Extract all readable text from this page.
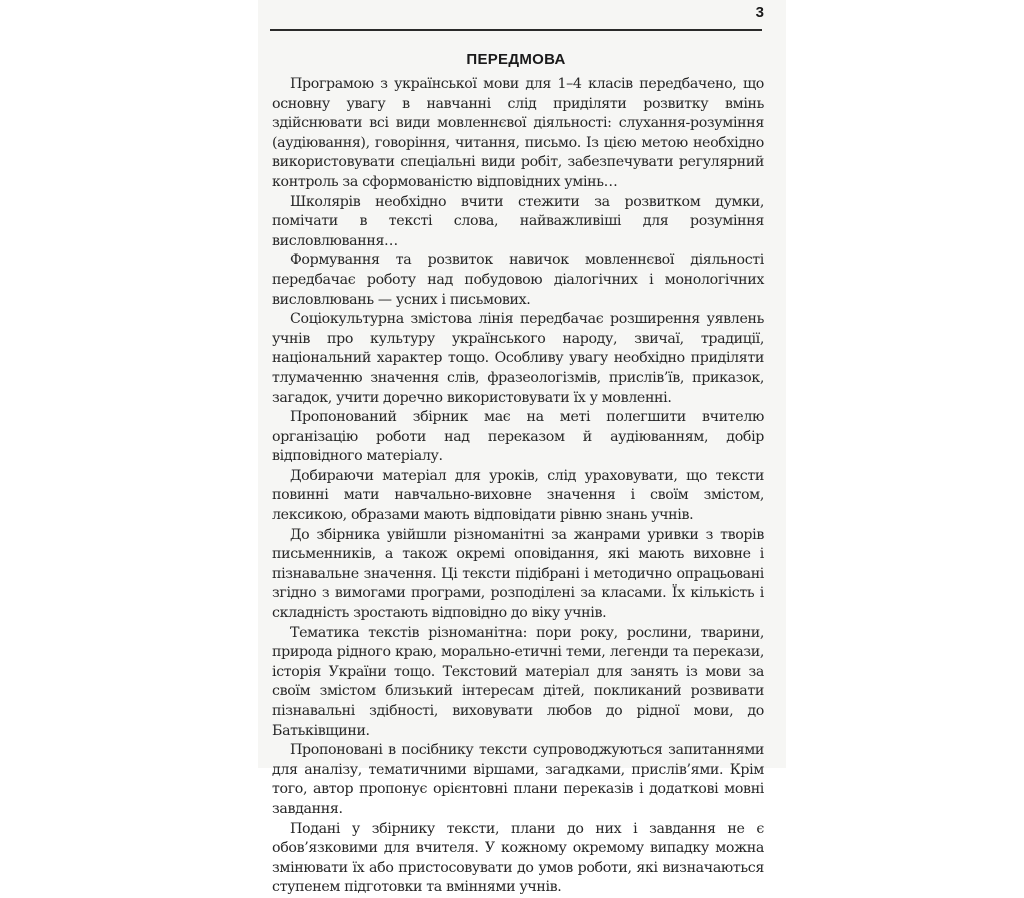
3
ПЕРЕДМОВА

Програмою з української мови для 1–4 класів передбачено, що основну увагу в навчанні слід приділяти розвитку вмінь здійснювати всі види мовленнєвої діяльності: слухання-розуміння (аудіювання), говоріння, читання, письмо. Із цією метою необхідно використовувати спеціальні види робіт, забезпечувати регулярний контроль за сформованістю відповідних умінь…

Школярів необхідно вчити стежити за розвитком думки, помічати в тексті слова, найважливіші для розуміння висловлювання…

Формування та розвиток навичок мовленнєвої діяльності передбачає роботу над побудовою діалогічних і монологічних висловлювань — усних і письмових.

Соціокультурна змістова лінія передбачає розширення уявлень учнів про культуру українського народу, звичаї, традиції, національний характер тощо. Особливу увагу необхідно приділяти тлумаченню значення слів, фразеологізмів, прислів’їв, приказок, загадок, учити доречно використовувати їх у мовленні.

Пропонований збірник має на меті полегшити вчителю організацію роботи над переказом й аудіюванням, добір відповідного матеріалу.

Добираючи матеріал для уроків, слід ураховувати, що тексти повинні мати навчально-виховне значення і своїм змістом, лексикою, образами мають відповідати рівню знань учнів.

До збірника увійшли різноманітні за жанрами уривки з творів письменників, а також окремі оповідання, які мають виховне і пізнавальне значення. Ці тексти підібрані і методично опрацьовані згідно з вимогами програми, розподілені за класами. Їх кількість і складність зростають відповідно до віку учнів.

Тематика текстів різноманітна: пори року, рослини, тварини, природа рідного краю, морально-етичні теми, легенди та перекази, історія України тощо. Текстовий матеріал для занять із мови за своїм змістом близький інтересам дітей, покликаний розвивати пізнавальні здібності, виховувати любов до рідної мови, до Батьківщини.

Пропоновані в посібнику тексти супроводжуються запитаннями для аналізу, тематичними віршами, загадками, прислів’ями. Крім того, автор пропонує орієнтовні плани переказів і додаткові мовні завдання.

Подані у збірнику тексти, плани до них і завдання не є обов’язковими для вчителя. У кожному окремому випадку можна змінювати їх або пристосовувати до умов роботи, які визначаються ступенем підготовки та вміннями учнів.
